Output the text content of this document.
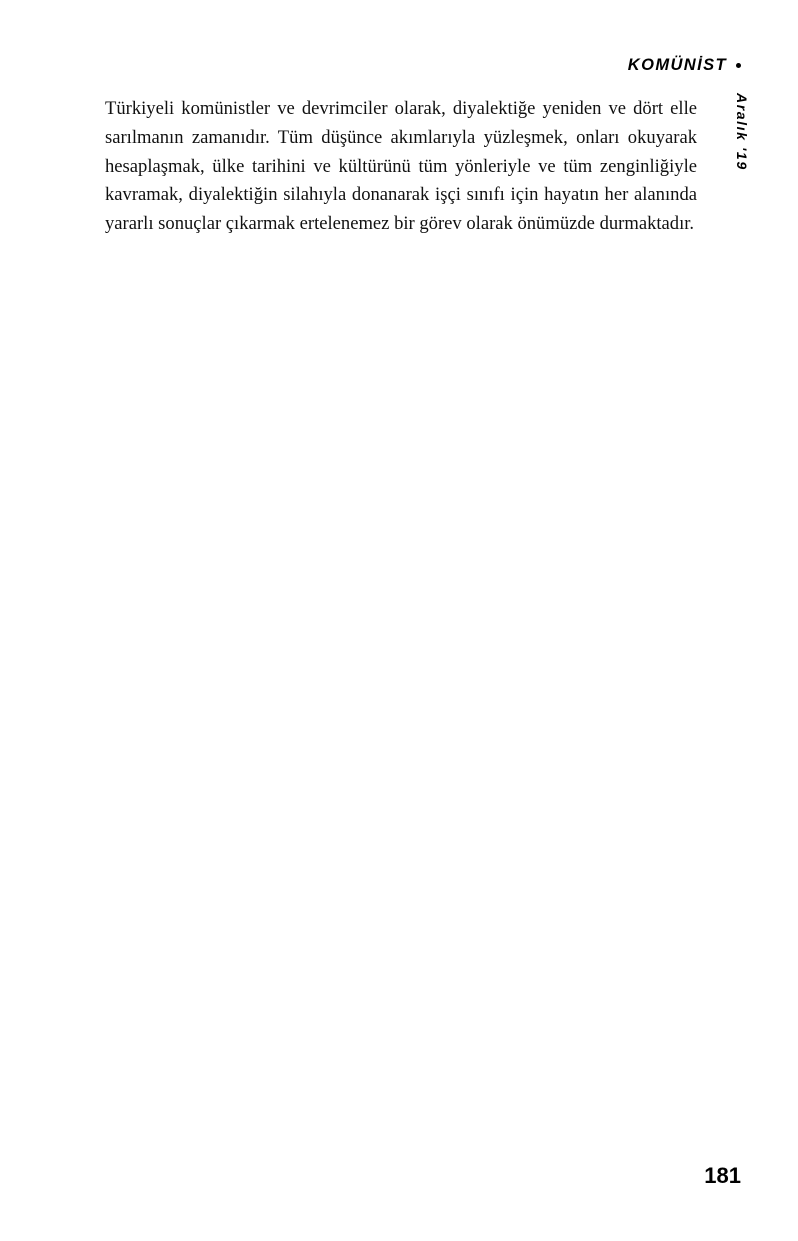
KOMÜNİST
Aralık '19

Türkiyeli komünistler ve devrimciler olarak, diyalektiğe yeniden ve dört elle sarılmanın zamanıdır. Tüm düşünce akımlarıyla yüzleşmek, onları okuyarak hesaplaşmak, ülke tarihini ve kültürünü tüm yönleriyle ve tüm zenginliğiyle kavramak, diyalektiğin silahıyla donanarak işçi sınıfı için hayatın her alanında yararlı sonuçlar çıkarmak ertelenemez bir görev olarak önümüzde durmaktadır.

181
